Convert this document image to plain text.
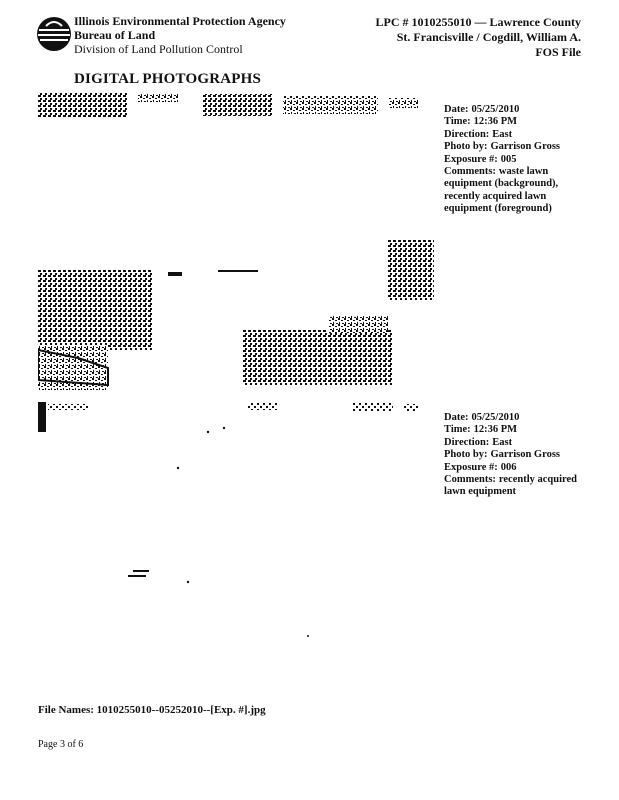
Illinois Environmental Protection Agency
Bureau of Land
Division of Land Pollution Control
LPC # 1010255010 — Lawrence County
St. Francisville / Cogdill, William A.
FOS File
DIGITAL PHOTOGRAPHS
Date: 05/25/2010
Time: 12:36 PM
Direction: East
Photo by: Garrison Gross
Exposure #: 005
Comments: waste lawn equipment (background), recently acquired lawn equipment (foreground)
Date: 05/25/2010
Time: 12:36 PM
Direction: East
Photo by: Garrison Gross
Exposure #: 006
Comments: recently acquired lawn equipment
File Names: 1010255010--05252010--[Exp. #].jpg
Page 3 of 6
